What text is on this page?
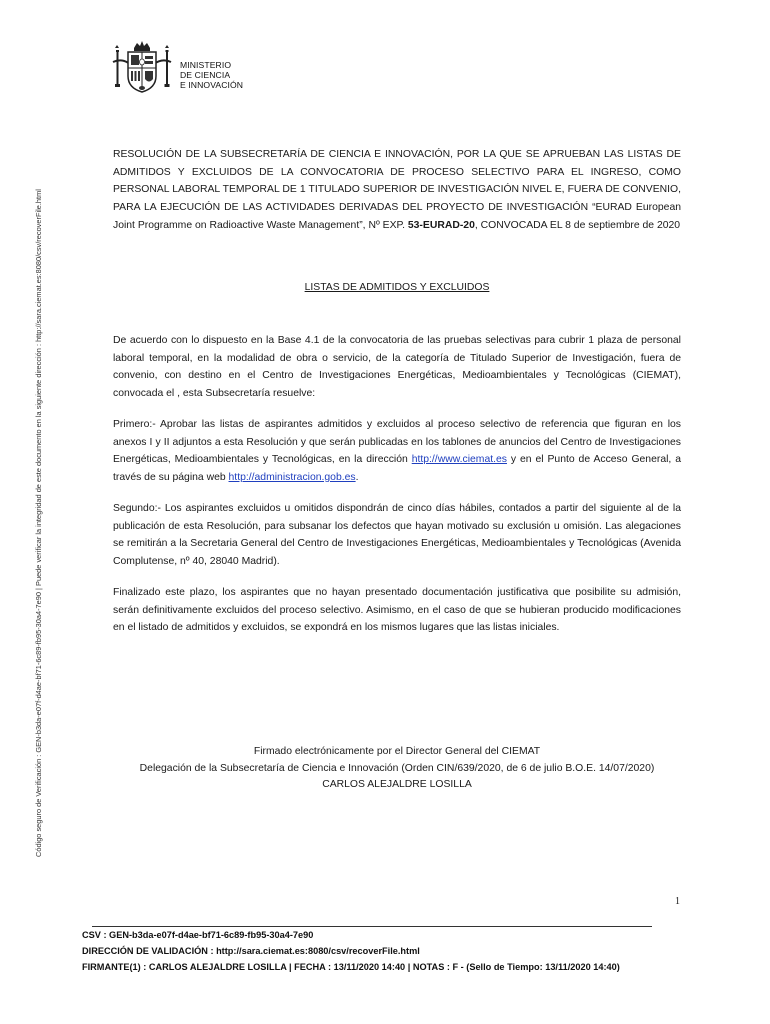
Código seguro de Verificación : GEN-b3da-e07f-d4ae-bf71-6c89-fb95-30a4-7e90 | Puede verificar la integridad de este documento en la siguiente dirección : http://sara.ciemat.es:8080/csv/recoverFile.html
MINISTERIO
DE CIENCIA
E INNOVACIÓN
RESOLUCIÓN DE LA SUBSECRETARÍA DE CIENCIA E INNOVACIÓN, POR LA QUE SE APRUEBAN LAS LISTAS DE ADMITIDOS Y EXCLUIDOS DE LA CONVOCATORIA DE PROCESO SELECTIVO PARA EL INGRESO, COMO PERSONAL LABORAL TEMPORAL DE 1 TITULADO SUPERIOR DE INVESTIGACIÓN NIVEL E, FUERA DE CONVENIO, PARA LA EJECUCIÓN DE LAS ACTIVIDADES DERIVADAS DEL PROYECTO DE INVESTIGACIÓN “EURAD European Joint Programme on Radioactive Waste Management”, Nº EXP. 53-EURAD-20, CONVOCADA EL 8 de septiembre de 2020
LISTAS DE ADMITIDOS Y EXCLUIDOS
De acuerdo con lo dispuesto en la Base 4.1 de la convocatoria de las pruebas selectivas para cubrir 1 plaza de personal laboral temporal, en la modalidad de obra o servicio, de la categoría de Titulado Superior de Investigación, fuera de convenio, con destino en el Centro de Investigaciones Energéticas, Medioambientales y Tecnológicas (CIEMAT), convocada el , esta Subsecretaría resuelve:
Primero:- Aprobar las listas de aspirantes admitidos y excluidos al proceso selectivo de referencia que figuran en los anexos I y II adjuntos a esta Resolución y que serán publicadas en los tablones de anuncios del Centro de Investigaciones Energéticas, Medioambientales y Tecnológicas, en la dirección http://www.ciemat.es y en el Punto de Acceso General, a través de su página web http://administracion.gob.es.
Segundo:- Los aspirantes excluidos u omitidos dispondrán de cinco días hábiles, contados a partir del siguiente al de la publicación de esta Resolución, para subsanar los defectos que hayan motivado su exclusión u omisión. Las alegaciones se remitirán a la Secretaria General del Centro de Investigaciones Energéticas, Medioambientales y Tecnológicas (Avenida Complutense, nº 40, 28040 Madrid).
Finalizado este plazo, los aspirantes que no hayan presentado documentación justificativa que posibilite su admisión, serán definitivamente excluidos del proceso selectivo. Asimismo, en el caso de que se hubieran producido modificaciones en el listado de admitidos y excluidos, se expondrá en los mismos lugares que las listas iniciales.
Firmado electrónicamente por el Director General del CIEMAT
Delegación de la Subsecretaría de Ciencia e Innovación (Orden CIN/639/2020, de 6 de julio B.O.E. 14/07/2020)
CARLOS ALEJALDRE LOSILLA
1
CSV : GEN-b3da-e07f-d4ae-bf71-6c89-fb95-30a4-7e90
DIRECCIÓN DE VALIDACIÓN : http://sara.ciemat.es:8080/csv/recoverFile.html
FIRMANTE(1) : CARLOS ALEJALDRE LOSILLA | FECHA : 13/11/2020 14:40 | NOTAS : F - (Sello de Tiempo: 13/11/2020 14:40)
